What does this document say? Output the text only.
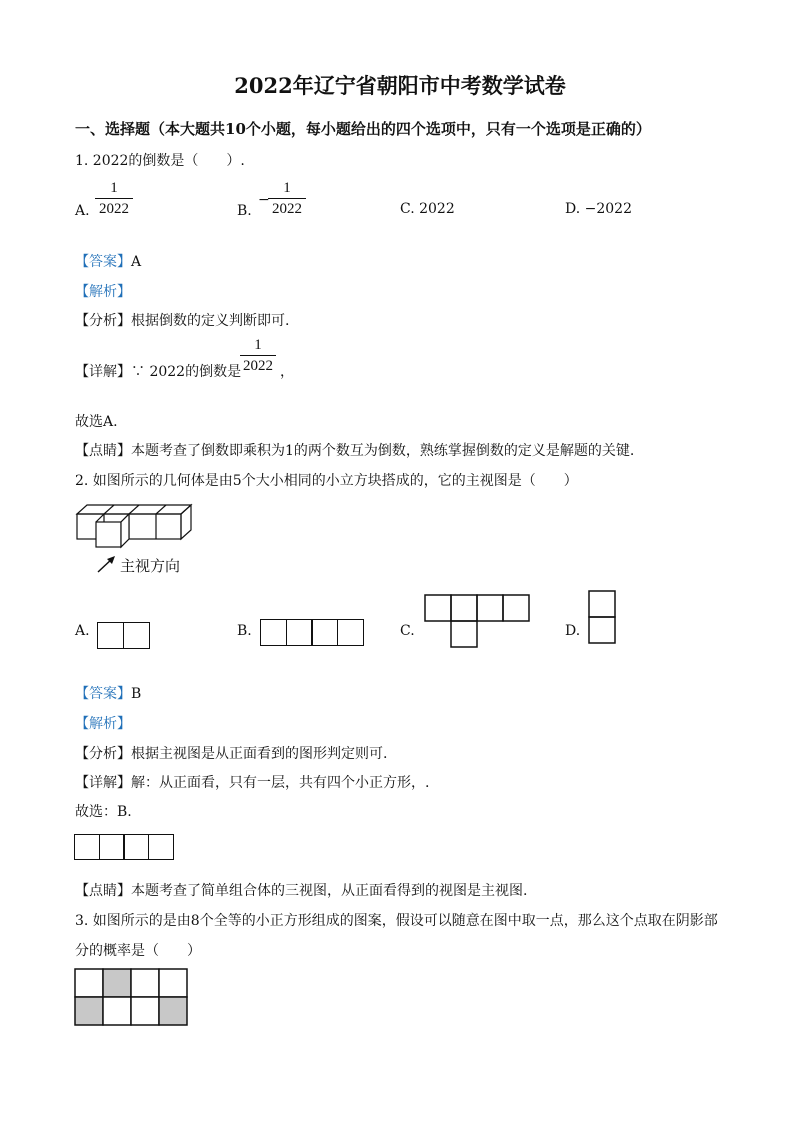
2022年辽宁省朝阳市中考数学试卷
一、选择题（本大题共10个小题，每小题给出的四个选项中，只有一个选项是正确的）
1. 2022的倒数是（　　）.
A.
1
2022	B.
−
1
2022	C. 2022	D. −2022
【答案】A
【解析】
【分析】根据倒数的定义判断即可.
【详解】∵ 2022的倒数是
1
2022 ，
故选A.
【点睛】本题考查了倒数即乘积为1的两个数互为倒数，熟练掌握倒数的定义是解题的关键.
2. 如图所示的几何体是由5个大小相同的小立方块搭成的，它的主视图是（　　）
主视方向
A.	B.	C.	D.
【答案】B
【解析】
【分析】根据主视图是从正面看到的图形判定则可.
【详解】解：从正面看，只有一层，共有四个小正方形，.
故选：B.
【点睛】本题考查了简单组合体的三视图，从正面看得到的视图是主视图.
3. 如图所示的是由8个全等的小正方形组成的图案，假设可以随意在图中取一点，那么这个点取在阴影部
分的概率是（　　）
